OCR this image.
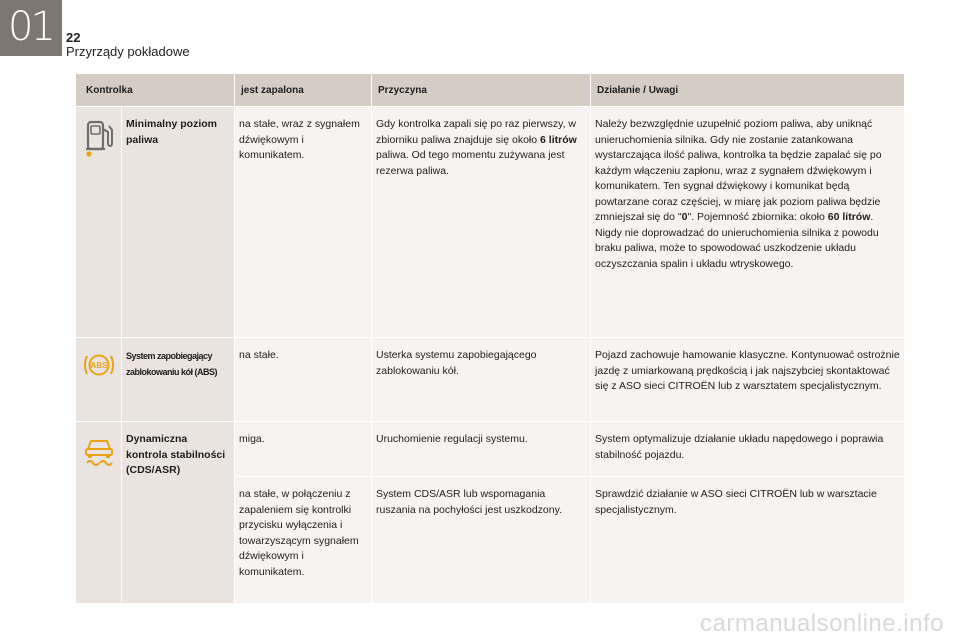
01 22
Przyrządy pokładowe
Kontrolka		jest zapalona	Przyczyna	Działanie / Uwagi

	Minimalny poziom paliwa	na stałe, wraz z sygnałem dźwiękowym i komunikatem.	Gdy kontrolka zapali się po raz pierwszy, w zbiorniku paliwa znajduje się około 6 litrów paliwa. Od tego momentu zużywana jest rezerwa paliwa.	Należy bezwzględnie uzupełnić poziom paliwa, aby uniknąć unieruchomienia silnika. Gdy nie zostanie zatankowana wystarczająca ilość paliwa, kontrolka ta będzie zapalać się po każdym włączeniu zapłonu, wraz z sygnałem dźwiękowym i komunikatem. Ten sygnał dźwiękowy i komunikat będą powtarzane coraz częściej, w miarę jak poziom paliwa będzie zmniejszał się do "0". Pojemność zbiornika: około 60 litrów. Nigdy nie doprowadzać do unieruchomienia silnika z powodu braku paliwa, może to spowodować uszkodzenie układu oczyszczania spalin i układu wtryskowego.

ABS	System zapobiegający zablokowaniu kół (ABS)	na stałe.	Usterka systemu zapobiegającego zablokowaniu kół.	Pojazd zachowuje hamowanie klasyczne. Kontynuować ostrożnie jazdę z umiarkowaną prędkością i jak najszybciej skontaktować się z ASO sieci CITROËN lub z warsztatem specjalistycznym.

	Dynamiczna kontrola stabilności (CDS/ASR)	miga.	Uruchomienie regulacji systemu.	System optymalizuje działanie układu napędowego i poprawia stabilność pojazdu.
		na stałe, w połączeniu z zapaleniem się kontrolki przycisku wyłączenia i towarzyszącym sygnałem dźwiękowym i komunikatem.	System CDS/ASR lub wspomagania ruszania na pochyłości jest uszkodzony.	Sprawdzić działanie w ASO sieci CITROËN lub w warsztacie specjalistycznym.
carmanualsonline.info
